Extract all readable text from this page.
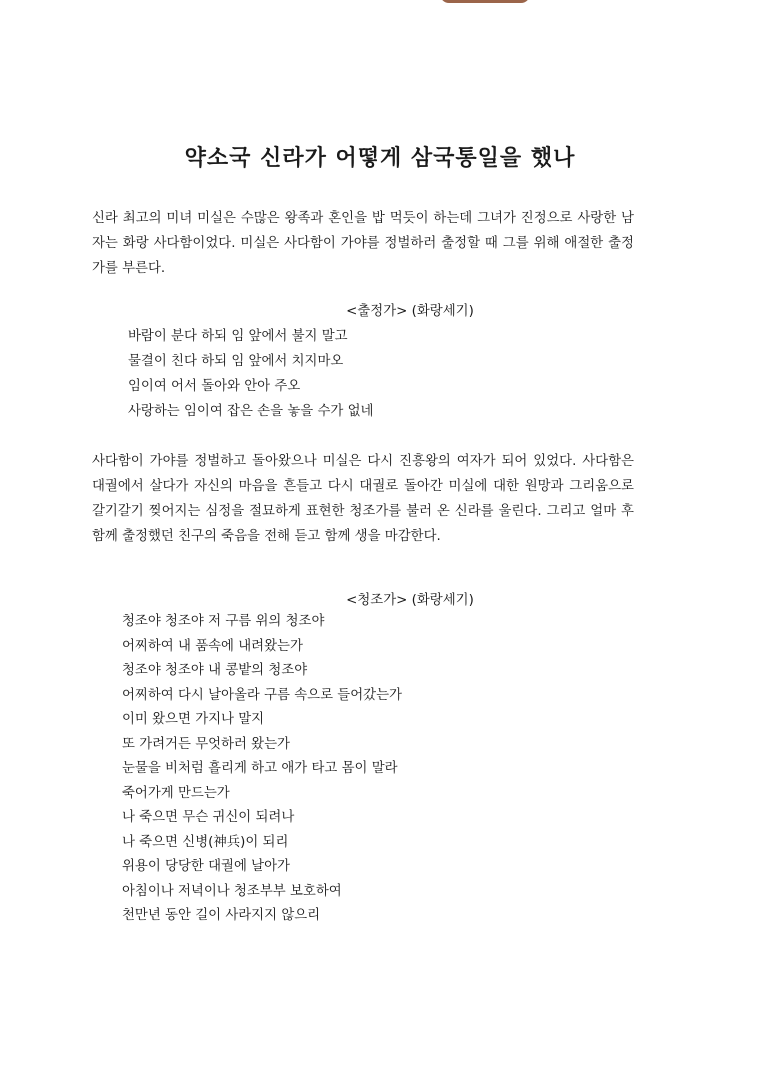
약소국 신라가 어떻게 삼국통일을 했나

신라 최고의 미녀 미실은 수많은 왕족과 혼인을 밥 먹듯이 하는데 그녀가 진정으로 사랑한 남자는 화랑 사다함이었다. 미실은 사다함이 가야를 정벌하러 출정할 때 그를 위해 애절한 출정가를 부른다.

<출정가> (화랑세기)

바람이 분다 하되 임 앞에서 불지 말고
물결이 친다 하되 임 앞에서 치지마오
임이여 어서 돌아와 안아 주오
사랑하는 임이여 잡은 손을 놓을 수가 없네

사다함이 가야를 정벌하고 돌아왔으나 미실은 다시 진흥왕의 여자가 되어 있었다. 사다함은 대궐에서 살다가 자신의 마음을 흔들고 다시 대궐로 돌아간 미실에 대한 원망과 그리움으로 갈기갈기 찢어지는 심정을 절묘하게 표현한 청조가를 불러 온 신라를 울린다. 그리고 얼마 후 함께 출정했던 친구의 죽음을 전해 듣고 함께 생을 마감한다.

<청조가> (화랑세기)

청조야 청조야 저 구름 위의 청조야
어찌하여 내 품속에 내려왔는가
청조야 청조야 내 콩밭의 청조야
어찌하여 다시 날아올라 구름 속으로 들어갔는가
이미 왔으면 가지나 말지
또 가려거든 무엇하러 왔는가
눈물을 비처럼 흘리게 하고 애가 타고 몸이 말라
죽어가게 만드는가
나 죽으면 무슨 귀신이 되려나
나 죽으면 신병(神兵)이 되리
위용이 당당한 대궐에 날아가
아침이나 저녁이나 청조부부 보호하여
천만년 동안 길이 사라지지 않으리
